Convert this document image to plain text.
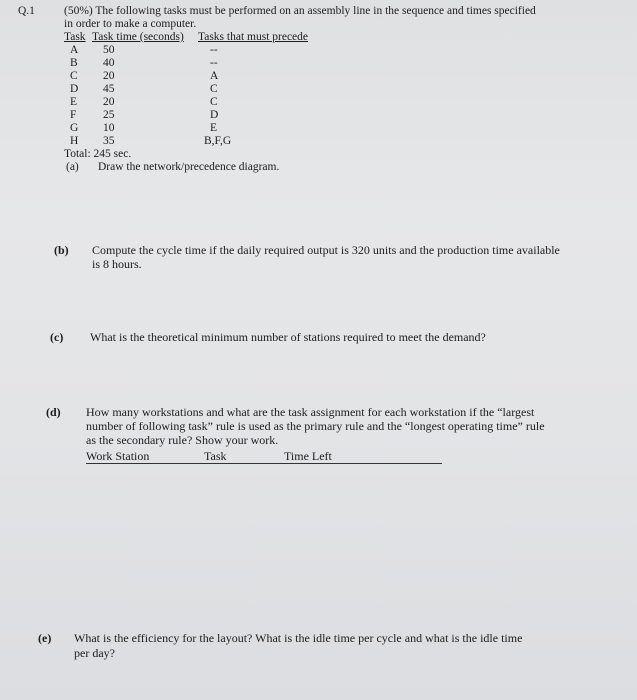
Q.1	(50%) The following tasks must be performed on an assembly line in the sequence and times specified
in order to make a computer.
Task Task time (seconds) Tasks that must precede
A 50	--
B 40	--
C 20	A
D 45	C
E 20	C
F 25	D
G 10	E
H 35	B,F,G
Total: 245 sec.
(a) Draw the network/precedence diagram.
(b) Compute the cycle time if the daily required output is 320 units and the production time available
is 8 hours.
(c) What is the theoretical minimum number of stations required to meet the demand?
(d) How many workstations and what are the task assignment for each workstation if the “largest
number of following task” rule is used as the primary rule and the “longest operating time” rule
as the secondary rule? Show your work.
Work Station	Task	Time Left
(e) What is the efficiency for the layout? What is the idle time per cycle and what is the idle time
per day?
